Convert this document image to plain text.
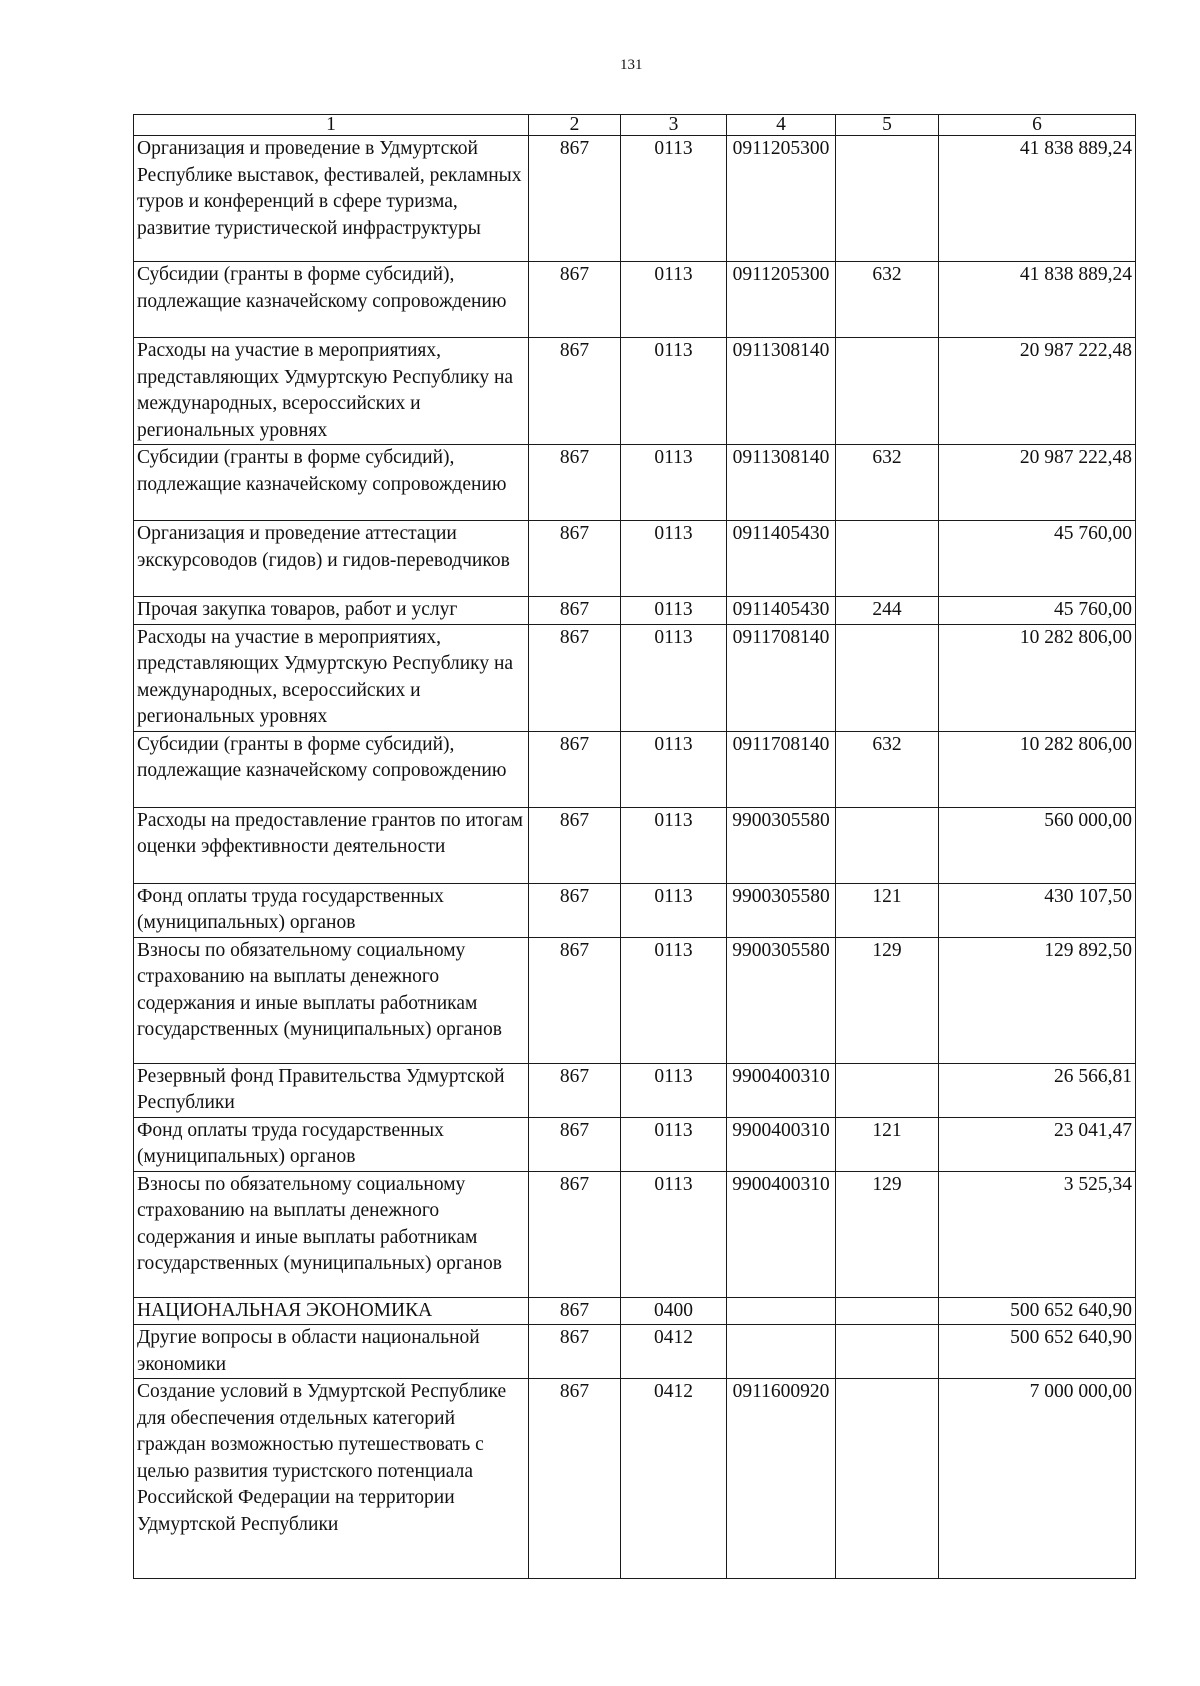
131
1	2	3	4	5	6
Организация и проведение в Удмуртской Республике выставок, фестивалей, рекламных туров и конференций в сфере туризма, развитие туристической инфраструктуры	867	0113	0911205300		41 838 889,24
Субсидии (гранты в форме субсидий), подлежащие казначейскому сопровождению	867	0113	0911205300	632	41 838 889,24
Расходы на участие в мероприятиях, представляющих Удмуртскую Республику на международных, всероссийских и региональных уровнях	867	0113	0911308140		20 987 222,48
Субсидии (гранты в форме субсидий), подлежащие казначейскому сопровождению	867	0113	0911308140	632	20 987 222,48
Организация и проведение аттестации экскурсоводов (гидов) и гидов-переводчиков	867	0113	0911405430		45 760,00
Прочая закупка товаров, работ и услуг	867	0113	0911405430	244	45 760,00
Расходы на участие в мероприятиях, представляющих Удмуртскую Республику на международных, всероссийских и региональных уровнях	867	0113	0911708140		10 282 806,00
Субсидии (гранты в форме субсидий), подлежащие казначейскому сопровождению	867	0113	0911708140	632	10 282 806,00
Расходы на предоставление грантов по итогам оценки эффективности деятельности	867	0113	9900305580		560 000,00
Фонд оплаты труда государственных (муниципальных) органов	867	0113	9900305580	121	430 107,50
Взносы по обязательному социальному страхованию на выплаты денежного содержания и иные выплаты работникам государственных (муниципальных) органов	867	0113	9900305580	129	129 892,50
Резервный фонд Правительства Удмуртской Республики	867	0113	9900400310		26 566,81
Фонд оплаты труда государственных (муниципальных) органов	867	0113	9900400310	121	23 041,47
Взносы по обязательному социальному страхованию на выплаты денежного содержания и иные выплаты работникам государственных (муниципальных) органов	867	0113	9900400310	129	3 525,34
НАЦИОНАЛЬНАЯ ЭКОНОМИКА	867	0400			500 652 640,90
Другие вопросы в области национальной экономики	867	0412			500 652 640,90
Создание условий в Удмуртской Республике для обеспечения отдельных категорий граждан возможностью путешествовать с целью развития туристского потенциала Российской Федерации на территории Удмуртской Республики	867	0412	0911600920		7 000 000,00
